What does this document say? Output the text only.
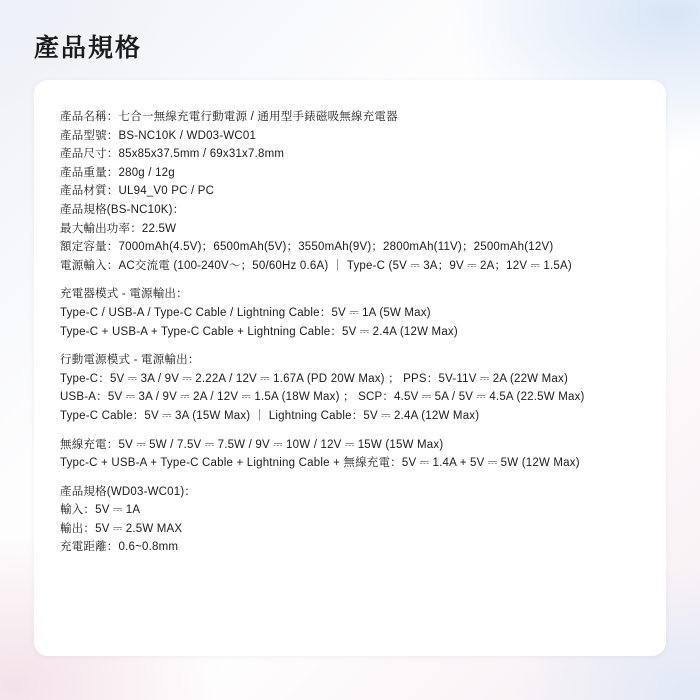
產品規格
產品名稱：七合一無線充電行動電源 / 通用型手錶磁吸無線充電器
產品型號：BS-NC10K / WD03-WC01
產品尺寸：85x85x37.5mm / 69x31x7.8mm
產品重量：280g / 12g
產品材質：UL94_V0 PC / PC
產品規格(BS-NC10K)：
最大輸出功率：22.5W
額定容量：7000mAh(4.5V)；6500mAh(5V)；3550mAh(9V)；2800mAh(11V)；2500mAh(12V)
電源輸入：AC交流電 (100-240V～；50/60Hz 0.6A) ｜ Type-C (5V ⎓ 3A；9V ⎓ 2A；12V ⎓ 1.5A)
充電器模式 - 電源輸出：
Type-C / USB-A / Type-C Cable / Lightning Cable：5V ⎓ 1A (5W Max)
Type-C + USB-A + Type-C Cable + Lightning Cable：5V ⎓ 2.4A (12W Max)
行動電源模式 - 電源輸出：
Type-C：5V ⎓ 3A / 9V ⎓ 2.22A / 12V ⎓ 1.67A (PD 20W Max) ； PPS：5V-11V ⎓ 2A (22W Max)
USB-A：5V ⎓ 3A / 9V ⎓ 2A / 12V ⎓ 1.5A (18W Max) ； SCP：4.5V ⎓ 5A / 5V ⎓ 4.5A (22.5W Max)
Type-C Cable：5V ⎓ 3A (15W Max) ｜ Lightning Cable：5V ⎓ 2.4A (12W Max)
無線充電：5V ⎓ 5W / 7.5V ⎓ 7.5W / 9V ⎓ 10W / 12V ⎓ 15W (15W Max)
Typc-C + USB-A + Type-C Cable + Lightning Cable + 無線充電：5V ⎓ 1.4A + 5V ⎓ 5W (12W Max)
產品規格(WD03-WC01)：
輸入：5V ⎓ 1A
輸出：5V ⎓ 2.5W MAX
充電距離：0.6~0.8mm
